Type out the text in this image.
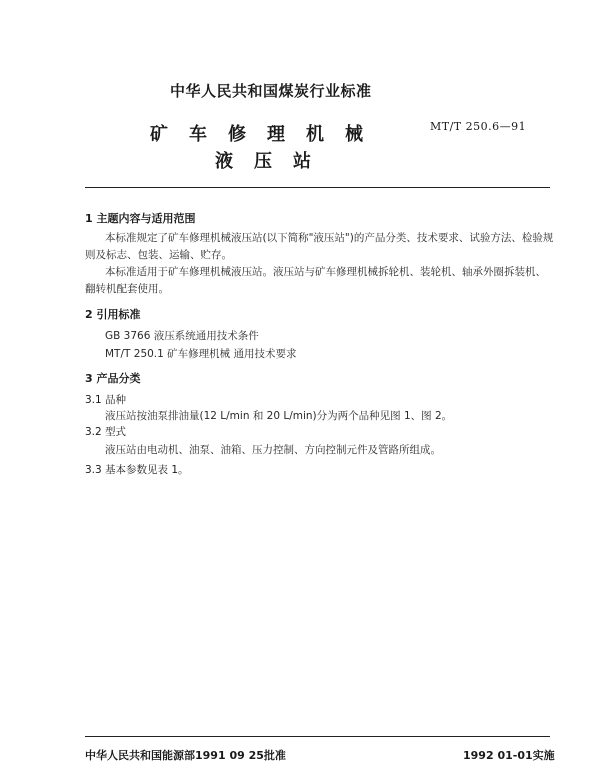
中华人民共和国煤炭行业标准
MT/T 250.6—91
矿车修理机械
液压站
1 主题内容与适用范围
本标准规定了矿车修理机械液压站(以下简称"液压站")的产品分类、技术要求、试验方法、检验规则及标志、包装、运输、贮存。
本标准适用于矿车修理机械液压站。液压站与矿车修理机械拆轮机、装轮机、轴承外圈拆装机、翻转机配套使用。
2 引用标准
GB 3766 液压系统通用技术条件
MT/T 250.1 矿车修理机械 通用技术要求
3 产品分类
3.1 品种
液压站按油泵排油量(12 L/min 和 20 L/min)分为两个品种见图 1、图 2。
3.2 型式
液压站由电动机、油泵、油箱、压力控制、方向控制元件及管路所组成。
3.3 基本参数见表 1。
中华人民共和国能源部1991 09 25批准	1992 01-01实施
